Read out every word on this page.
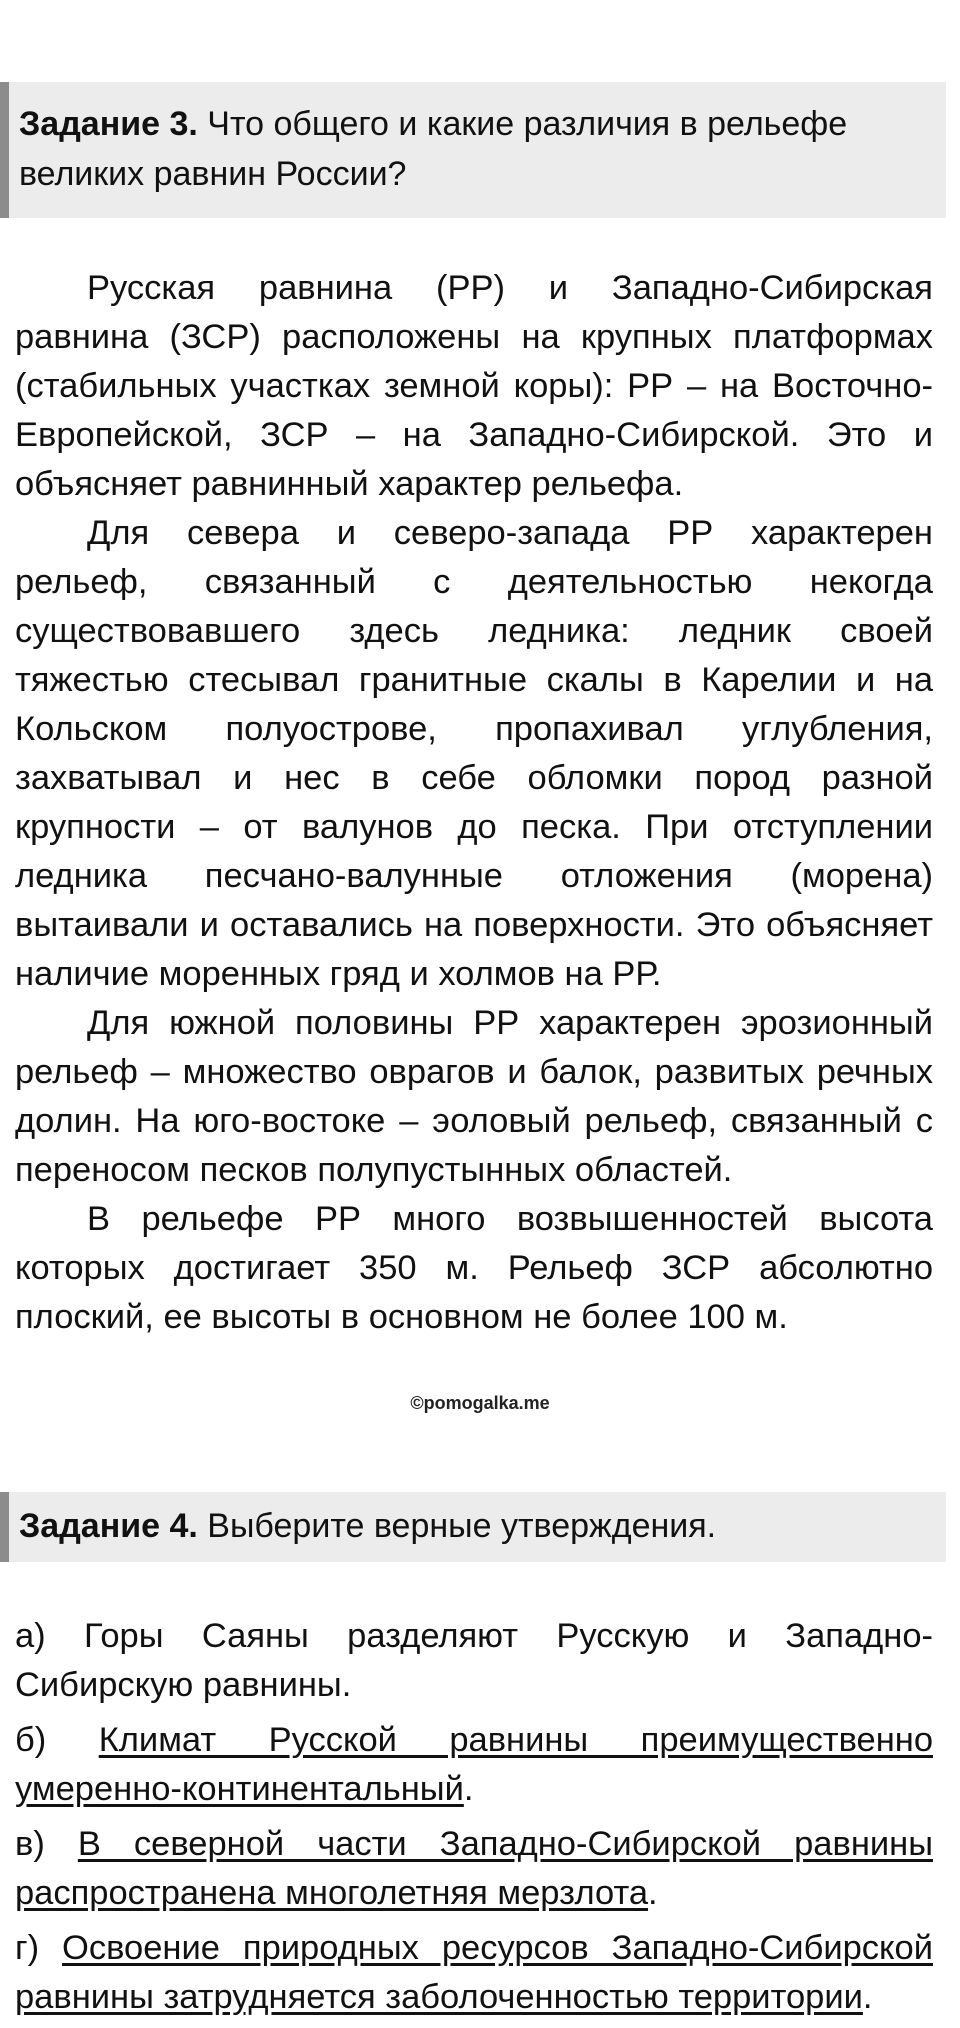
Задание 3. Что общего и какие различия в рельефе великих равнин России?

Русская равнина (РР) и Западно-Сибирская равнина (ЗСР) расположены на крупных платформах (стабильных участках земной коры): РР – на Восточно-Европейской, ЗСР – на Западно-Сибирской. Это и объясняет равнинный характер рельефа.

Для севера и северо-запада РР характерен рельеф, связанный с деятельностью некогда существовавшего здесь ледника: ледник своей тяжестью стесывал гранитные скалы в Карелии и на Кольском полуострове, пропахивал углубления, захватывал и нес в себе обломки пород разной крупности – от валунов до песка. При отступлении ледника песчано-валунные отложения (морена) вытаивали и оставались на поверхности. Это объясняет наличие моренных гряд и холмов на РР.

Для южной половины РР характерен эрозионный рельеф – множество оврагов и балок, развитых речных долин. На юго-востоке – эоловый рельеф, связанный с переносом песков полупустынных областей.

В рельефе РР много возвышенностей высота которых достигает 350 м. Рельеф ЗСР абсолютно плоский, ее высоты в основном не более 100 м.

©pomogalka.me
Задание 4. Выберите верные утверждения.

а) Горы Саяны разделяют Русскую и Западно-Сибирскую равнины.

б) Климат Русской равнины преимущественно умеренно-континентальный.

в) В северной части Западно-Сибирской равнины распространена многолетняя мерзлота.

г) Освоение природных ресурсов Западно-Сибирской равнины затрудняется заболоченностью территории.
